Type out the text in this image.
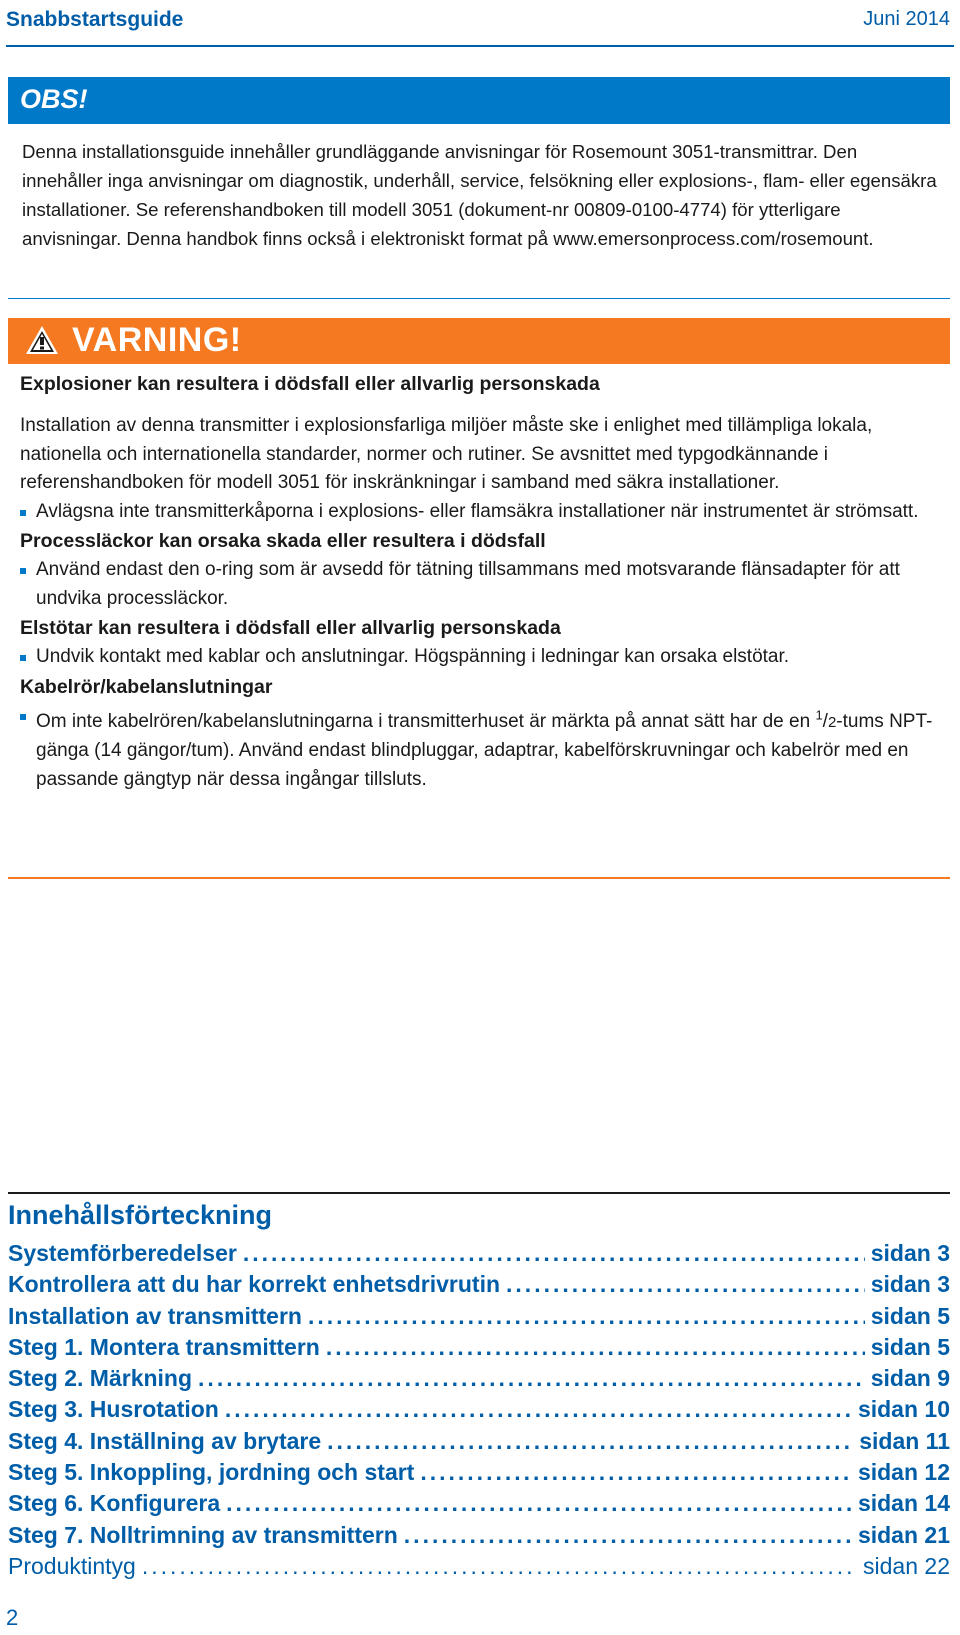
Snabbstartsguide	Juni 2014
OBS!

Denna installationsguide innehåller grundläggande anvisningar för Rosemount 3051-transmittrar. Den innehåller inga anvisningar om diagnostik, underhåll, service, felsökning eller explosions-, flam- eller egensäkra installationer. Se referenshandboken till modell 3051 (dokument-nr 00809-0100-4774) för ytterligare anvisningar. Denna handbok finns också i elektroniskt format på www.emersonprocess.com/rosemount.

VARNING!
Explosioner kan resultera i dödsfall eller allvarlig personskada

Installation av denna transmitter i explosionsfarliga miljöer måste ske i enlighet med tillämpliga lokala, nationella och internationella standarder, normer och rutiner. Se avsnittet med typgodkännande i referenshandboken för modell 3051 för inskränkningar i samband med säkra installationer.

Avlägsna inte transmitterkåporna i explosions- eller flamsäkra installationer när instrumentet är strömsatt.
Processläckor kan orsaka skada eller resultera i dödsfall
Använd endast den o-ring som är avsedd för tätning tillsammans med motsvarande flänsadapter för att undvika processläckor.
Elstötar kan resultera i dödsfall eller allvarlig personskada
Undvik kontakt med kablar och anslutningar. Högspänning i ledningar kan orsaka elstötar.
Kabelrör/kabelanslutningar
Om inte kabelrören/kabelanslutningarna i transmitterhuset är märkta på annat sätt har de en $^1$/2-tums NPT-gänga (14 gängor/tum). Använd endast blindpluggar, adaptrar, kabelförskruvningar och kabelrör med en passande gängtyp när dessa ingångar tillsluts.
Innehållsförteckning
Systemförberedelser .....	sidan 3
Kontrollera att du har korrekt enhetsdrivrutin .....	sidan 3
Installation av transmittern .....	sidan 5
Steg 1. Montera transmittern .....	sidan 5
Steg 2. Märkning .....	sidan 9
Steg 3. Husrotation .....	sidan 10
Steg 4. Inställning av brytare .....	sidan 11
Steg 5. Inkoppling, jordning och start .....	sidan 12
Steg 6. Konfigurera .....	sidan 14
Steg 7. Nolltrimning av transmittern .....	sidan 21
Produktintyg .....	sidan 22
2
